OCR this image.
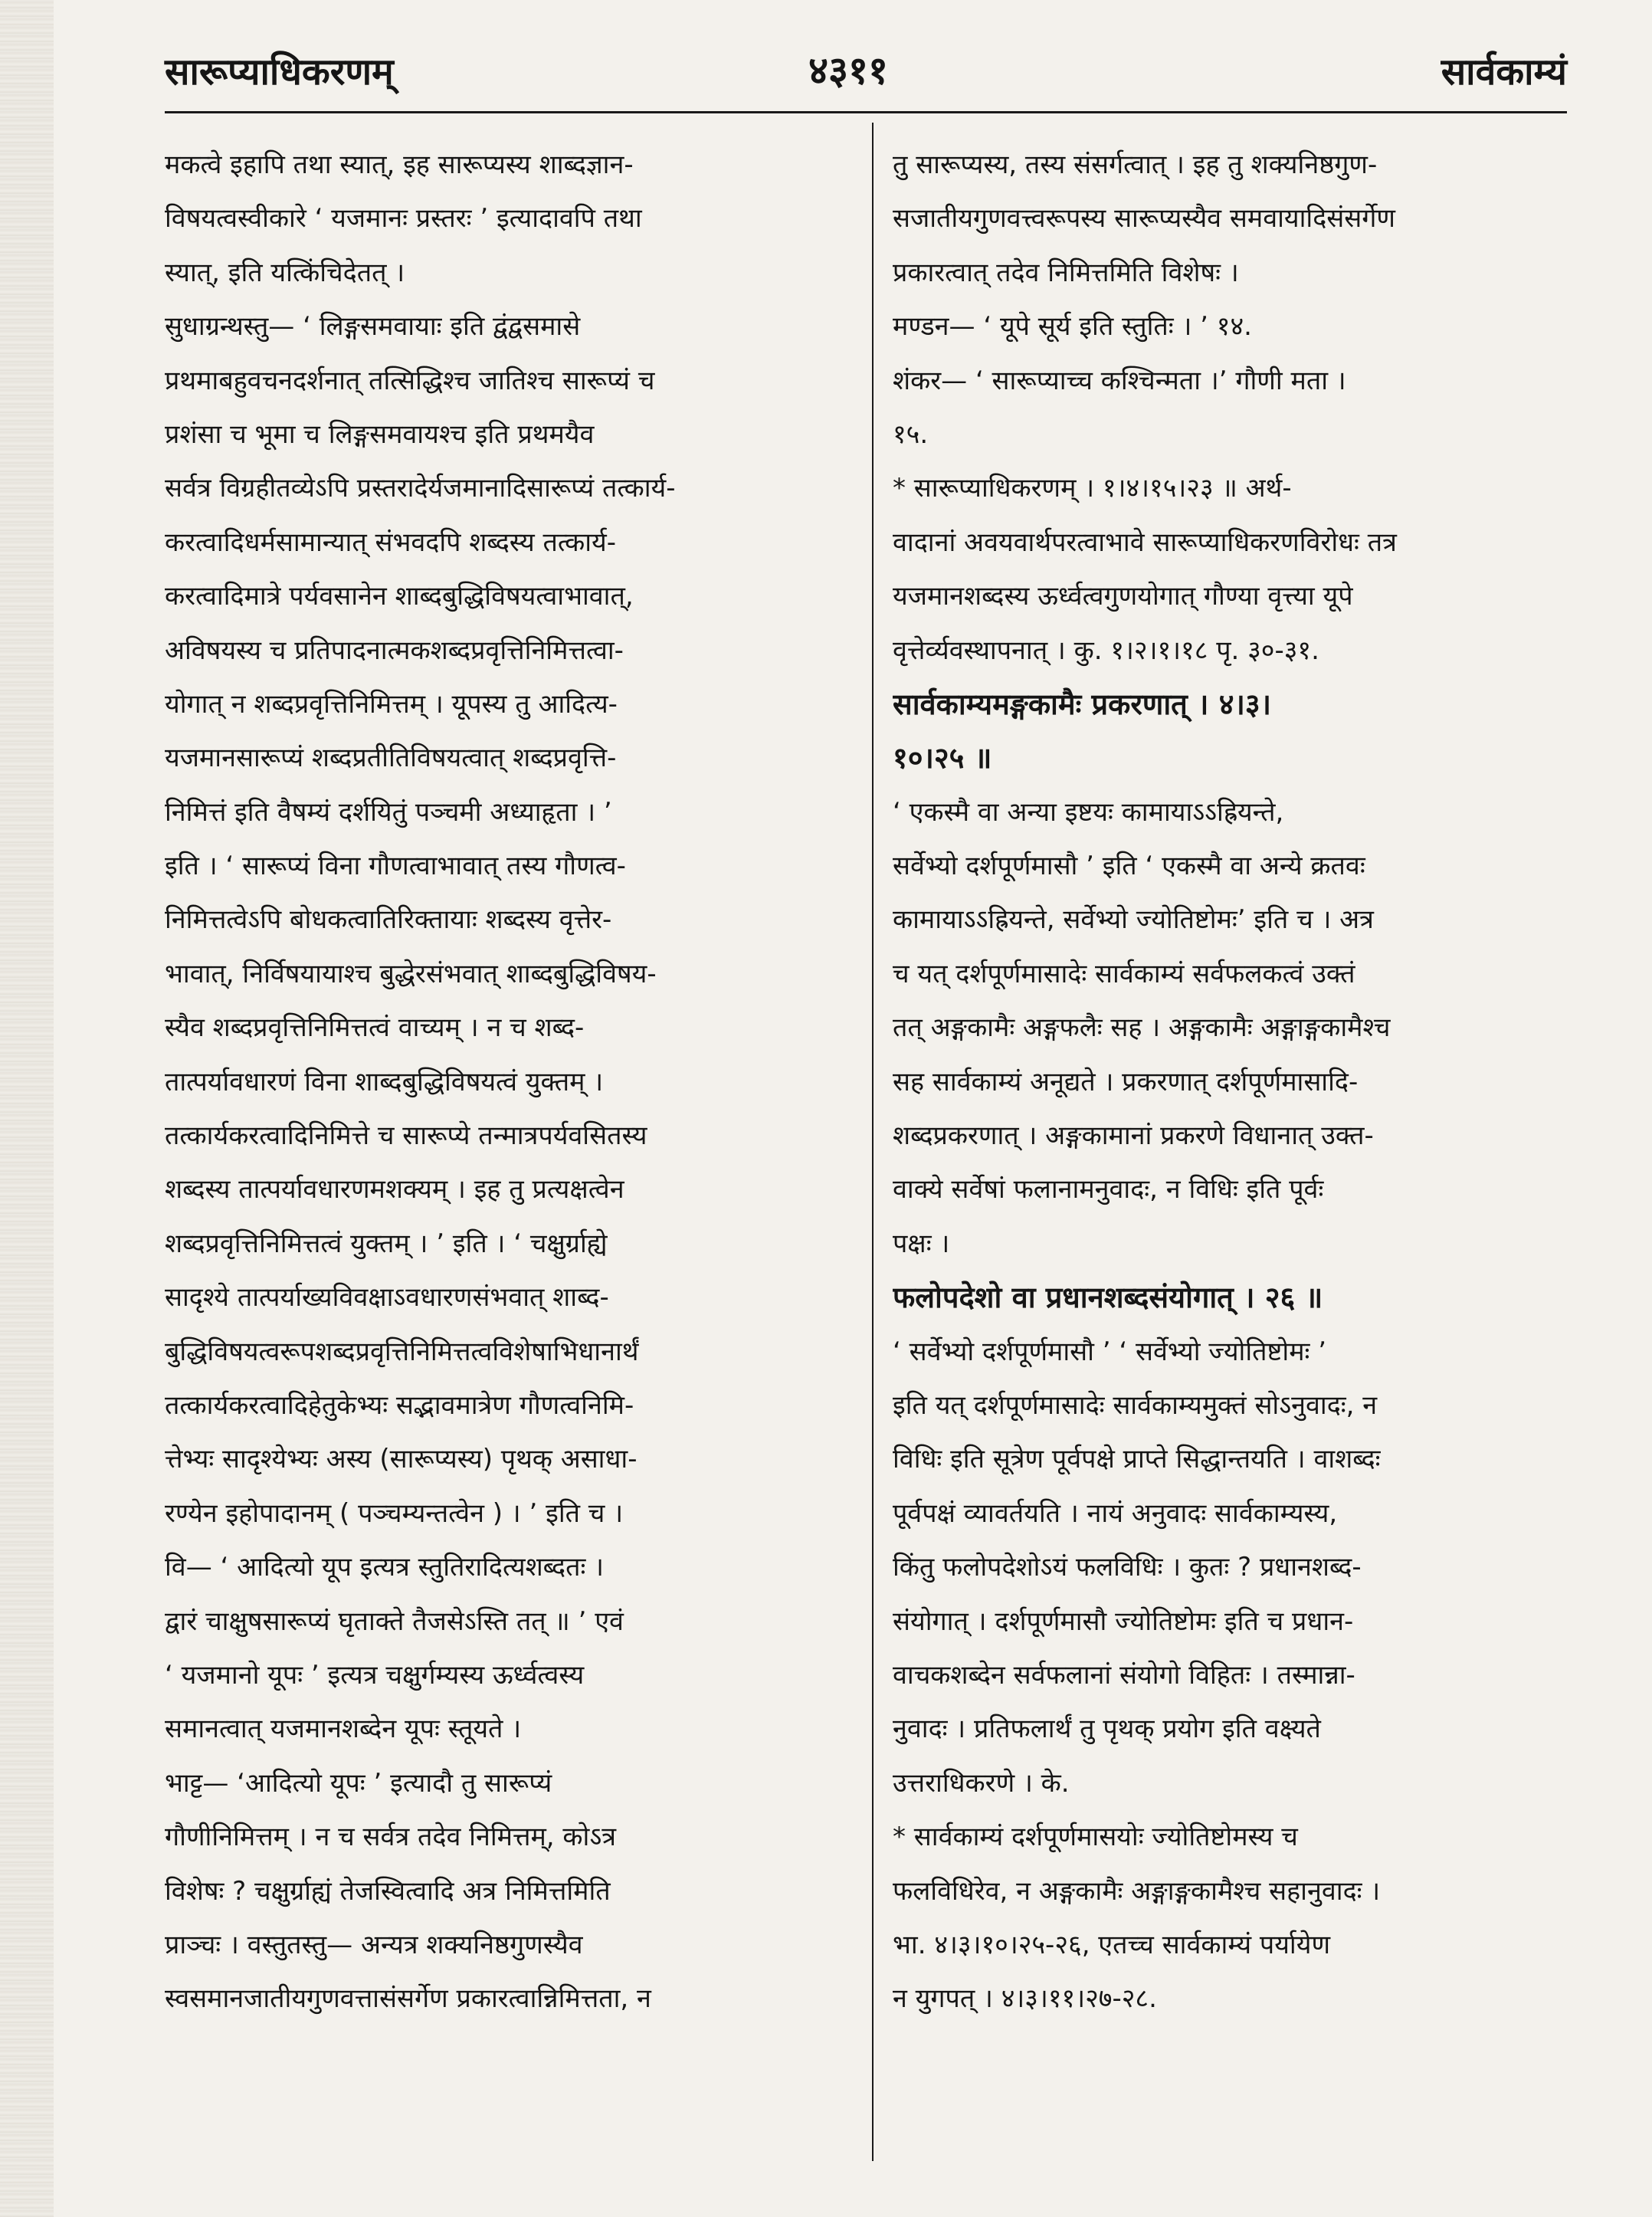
सारूप्याधिकरणम्	४३११	सार्वकाम्यं
मकत्वे इहापि तथा स्यात्, इह सारूप्यस्य शाब्दज्ञान-
विषयत्वस्वीकारे ‘ यजमानः प्रस्तरः ’ इत्यादावपि तथा
स्यात्, इति यत्किंचिदेतत् ।
सुधाग्रन्थस्तु— ‘ लिङ्गसमवायाः इति द्वंद्वसमासे
प्रथमाबहुवचनदर्शनात् तत्सिद्धिश्च जातिश्च सारूप्यं च
प्रशंसा च भूमा च लिङ्गसमवायश्च इति प्रथमयैव
सर्वत्र विग्रहीतव्येऽपि प्रस्तरादेर्यजमानादिसारूप्यं तत्कार्य-
करत्वादिधर्मसामान्यात् संभवदपि शब्दस्य तत्कार्य-
करत्वादिमात्रे पर्यवसानेन शाब्दबुद्धिविषयत्वाभावात्,
अविषयस्य च प्रतिपादनात्मकशब्दप्रवृत्तिनिमित्तत्वा-
योगात् न शब्दप्रवृत्तिनिमित्तम् । यूपस्य तु आदित्य-
यजमानसारूप्यं शब्दप्रतीतिविषयत्वात् शब्दप्रवृत्ति-
निमित्तं इति वैषम्यं दर्शयितुं पञ्चमी अध्याहृता । ’
इति । ‘ सारूप्यं विना गौणत्वाभावात् तस्य गौणत्व-
निमित्तत्वेऽपि बोधकत्वातिरिक्तायाः शब्दस्य वृत्तेर-
भावात्, निर्विषयायाश्च बुद्धेरसंभवात् शाब्दबुद्धिविषय-
स्यैव शब्दप्रवृत्तिनिमित्तत्वं वाच्यम् । न च शब्द-
तात्पर्यावधारणं विना शाब्दबुद्धिविषयत्वं युक्तम् ।
तत्कार्यकरत्वादिनिमित्ते च सारूप्ये तन्मात्रपर्यवसितस्य
शब्दस्य तात्पर्यावधारणमशक्यम् । इह तु प्रत्यक्षत्वेन
शब्दप्रवृत्तिनिमित्तत्वं युक्तम् । ’ इति । ‘ चक्षुर्ग्राह्ये
सादृश्ये तात्पर्याख्यविवक्षाऽवधारणसंभवात् शाब्द-
बुद्धिविषयत्वरूपशब्दप्रवृत्तिनिमित्तत्वविशेषाभिधानार्थं
तत्कार्यकरत्वादिहेतुकेभ्यः सद्भावमात्रेण गौणत्वनिमि-
त्तेभ्यः सादृश्येभ्यः अस्य (सारूप्यस्य) पृथक् असाधा-
रण्येन इहोपादानम् ( पञ्चम्यन्तत्वेन ) । ’ इति च ।
वि— ‘ आदित्यो यूप इत्यत्र स्तुतिरादित्यशब्दतः ।
द्वारं चाक्षुषसारूप्यं घृताक्ते तैजसेऽस्ति तत् ॥ ’ एवं
‘ यजमानो यूपः ’ इत्यत्र चक्षुर्गम्यस्य ऊर्ध्वत्वस्य
समानत्वात् यजमानशब्देन यूपः स्तूयते ।
भाट्ट— ‘आदित्यो यूपः ’ इत्यादौ तु सारूप्यं
गौणीनिमित्तम् । न च सर्वत्र तदेव निमित्तम्, कोऽत्र
विशेषः ? चक्षुर्ग्राह्यं तेजस्वित्वादि अत्र निमित्तमिति
प्राञ्चः । वस्तुतस्तु— अन्यत्र शक्यनिष्ठगुणस्यैव
स्वसमानजातीयगुणवत्तासंसर्गेण प्रकारत्वान्निमित्तता, न
तु सारूप्यस्य, तस्य संसर्गत्वात् । इह तु शक्यनिष्ठगुण-
सजातीयगुणवत्त्वरूपस्य सारूप्यस्यैव समवायादिसंसर्गेण
प्रकारत्वात् तदेव निमित्तमिति विशेषः ।
मण्डन— ‘ यूपे सूर्य इति स्तुतिः । ’ १४.
शंकर— ‘ सारूप्याच्च कश्चिन्मता ।’ गौणी मता ।
१५.
* सारूप्याधिकरणम् । १।४।१५।२३ ॥ अर्थ-
वादानां अवयवार्थपरत्वाभावे सारूप्याधिकरणविरोधः तत्र
यजमानशब्दस्य ऊर्ध्वत्वगुणयोगात् गौण्या वृत्त्या यूपे
वृत्तेर्व्यवस्थापनात् । कु. १।२।१।१८ पृ. ३०-३१.
सार्वकाम्यमङ्गकामैः प्रकरणात् । ४।३।
१०।२५ ॥
‘ एकस्मै वा अन्या इष्टयः कामायाऽऽह्रियन्ते,
सर्वेभ्यो दर्शपूर्णमासौ ’ इति ‘ एकस्मै वा अन्ये क्रतवः
कामायाऽऽह्रियन्ते, सर्वेभ्यो ज्योतिष्टोमः’ इति च । अत्र
च यत् दर्शपूर्णमासादेः सार्वकाम्यं सर्वफलकत्वं उक्तं
तत् अङ्गकामैः अङ्गफलैः सह । अङ्गकामैः अङ्गाङ्गकामैश्च
सह सार्वकाम्यं अनूद्यते । प्रकरणात् दर्शपूर्णमासादि-
शब्दप्रकरणात् । अङ्गकामानां प्रकरणे विधानात् उक्त-
वाक्ये सर्वेषां फलानामनुवादः, न विधिः इति पूर्वः
पक्षः ।
फलोपदेशो वा प्रधानशब्दसंयोगात् । २६ ॥
‘ सर्वेभ्यो दर्शपूर्णमासौ ’ ‘ सर्वेभ्यो ज्योतिष्टोमः ’
इति यत् दर्शपूर्णमासादेः सार्वकाम्यमुक्तं सोऽनुवादः, न
विधिः इति सूत्रेण पूर्वपक्षे प्राप्ते सिद्धान्तयति । वाशब्दः
पूर्वपक्षं व्यावर्तयति । नायं अनुवादः सार्वकाम्यस्य,
किंतु फलोपदेशोऽयं फलविधिः । कुतः ? प्रधानशब्द-
संयोगात् । दर्शपूर्णमासौ ज्योतिष्टोमः इति च प्रधान-
वाचकशब्देन सर्वफलानां संयोगो विहितः । तस्मान्ना-
नुवादः । प्रतिफलार्थं तु पृथक् प्रयोग इति वक्ष्यते
उत्तराधिकरणे । के.
* सार्वकाम्यं दर्शपूर्णमासयोः ज्योतिष्टोमस्य च
फलविधिरेव, न अङ्गकामैः अङ्गाङ्गकामैश्च सहानुवादः ।
भा. ४।३।१०।२५-२६, एतच्च सार्वकाम्यं पर्यायेण
न युगपत् । ४।३।११।२७-२८.
